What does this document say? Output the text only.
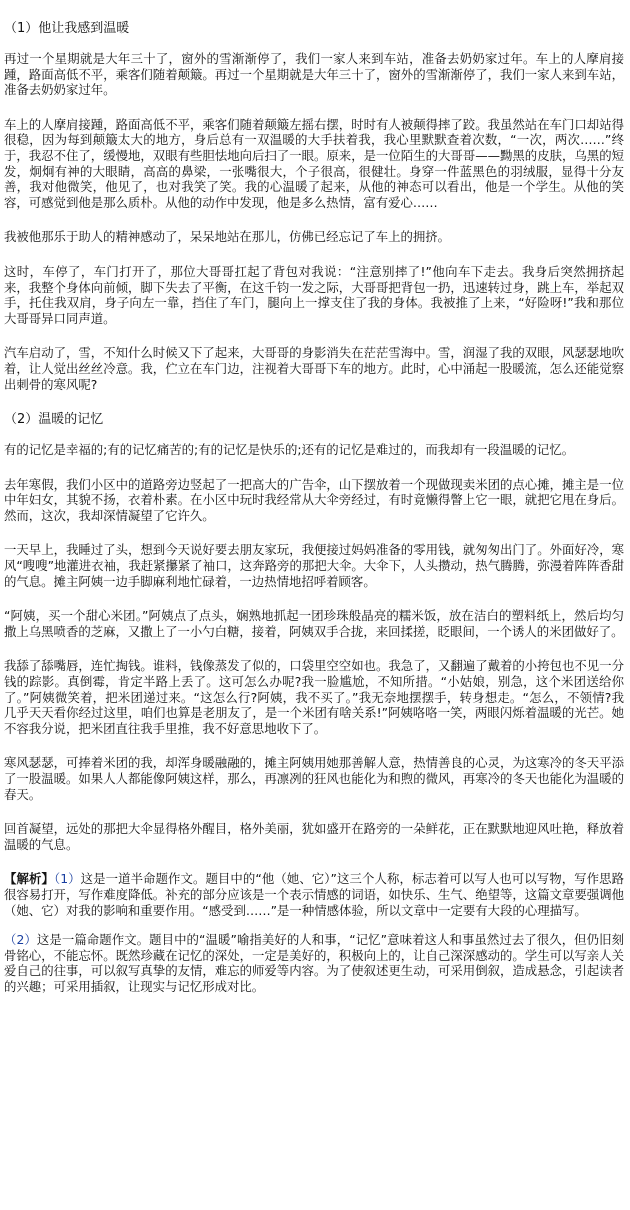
（1）他让我感到温暖

再过一个星期就是大年三十了，窗外的雪渐渐停了，我们一家人来到车站，准备去奶奶家过年。车上的人摩肩接踵，路面高低不平，乘客们随着颠簸。再过一个星期就是大年三十了，窗外的雪渐渐停了，我们一家人来到车站，准备去奶奶家过年。

车上的人摩肩接踵，路面高低不平，乘客们随着颠簸左摇右摆，时时有人被颠得摔了跤。我虽然站在车门口却站得很稳，因为每到颠簸太大的地方，身后总有一双温暖的大手扶着我，我心里默默查着次数，“一次，两次……”终于，我忍不住了，缓慢地，双眼有些胆怯地向后扫了一眼。原来，是一位陌生的大哥哥——黝黑的皮肤，乌黑的短发，炯炯有神的大眼睛，高高的鼻梁，一张嘴很大，个子很高，很健壮。身穿一件蓝黑色的羽绒服，显得十分友善，我对他微笑，他见了，也对我笑了笑。我的心温暖了起来，从他的神态可以看出，他是一个学生。从他的笑容，可感觉到他是那么质朴。从他的动作中发现，他是多么热情，富有爱心……

我被他那乐于助人的精神感动了，呆呆地站在那儿，仿佛已经忘记了车上的拥挤。

这时，车停了，车门打开了，那位大哥哥扛起了背包对我说：“注意别摔了!”他向车下走去。我身后突然拥挤起来，我整个身体向前倾，脚下失去了平衡，在这千钧一发之际，大哥哥把背包一扔，迅速转过身，跳上车，举起双手，托住我双肩，身子向左一靠，挡住了车门，腿向上一撑支住了我的身体。我被推了上来，“好险呀!”我和那位大哥哥异口同声道。

汽车启动了，雪，不知什么时候又下了起来，大哥哥的身影消失在茫茫雪海中。雪，润湿了我的双眼，风瑟瑟地吹着，让人觉出丝丝冷意。我，伫立在车门边，注视着大哥哥下车的地方。此时，心中涌起一股暖流，怎么还能觉察出刺骨的寒风呢?

（2）温暖的记忆

有的记忆是幸福的;有的记忆痛苦的;有的记忆是快乐的;还有的记忆是难过的，而我却有一段温暖的记忆。

去年寒假，我们小区中的道路旁边竖起了一把高大的广告伞，山下摆放着一个现做现卖米团的点心摊，摊主是一位中年妇女，其貌不扬，衣着朴素。在小区中玩时我经常从大伞旁经过，有时竟懒得瞥上它一眼，就把它甩在身后。然而，这次，我却深情凝望了它许久。

一天早上，我睡过了头，想到今天说好要去朋友家玩，我便接过妈妈准备的零用钱，就匆匆出门了。外面好冷，寒风“嗖嗖”地灌进衣袖，我赶紧攥紧了袖口，这奔路旁的那把大伞。大伞下，人头攒动，热气腾腾，弥漫着阵阵香甜的气息。摊主阿姨一边手脚麻利地忙碌着，一边热情地招呼着顾客。

“阿姨，买一个甜心米团。”阿姨点了点头，娴熟地抓起一团珍珠般晶亮的糯米饭，放在洁白的塑料纸上，然后均匀撒上乌黑喷香的芝麻，又撒上了一小勺白糖，接着，阿姨双手合拢，来回揉搓，眨眼间，一个诱人的米团做好了。

我舔了舔嘴唇，连忙掏钱。谁料，钱像蒸发了似的，口袋里空空如也。我急了，又翻遍了戴着的小挎包也不见一分钱的踪影。真倒霉，肯定半路上丢了。这可怎么办呢?我一脸尴尬，不知所措。“小姑娘，别急，这个米团送给你了。”阿姨微笑着，把米团递过来。“这怎么行?阿姨，我不买了。”我无奈地摆摆手，转身想走。“怎么，不领情?我几乎天天看你经过这里，咱们也算是老朋友了，是一个米团有啥关系!”阿姨咯咯一笑，两眼闪烁着温暖的光芒。她不容我分说，把米团直往我手里推，我不好意思地收下了。

寒风瑟瑟，可捧着米团的我，却浑身暖融融的，摊主阿姨用她那善解人意，热情善良的心灵，为这寒冷的冬天平添了一股温暖。如果人人都能像阿姨这样，那么，再凛冽的狂风也能化为和煦的微风，再寒冷的冬天也能化为温暖的春天。

回首凝望，远处的那把大伞显得格外醒目，格外美丽，犹如盛开在路旁的一朵鲜花，正在默默地迎风吐艳，释放着温暖的气息。

【解析】（1）这是一道半命题作文。题目中的“他（她、它）”这三个人称，标志着可以写人也可以写物，写作思路很容易打开，写作难度降低。补充的部分应该是一个表示情感的词语，如快乐、生气、绝望等，这篇文章要强调他（她、它）对我的影响和重要作用。“感受到……”是一种情感体验，所以文章中一定要有大段的心理描写。

（2）这是一篇命题作文。题目中的“温暖”喻指美好的人和事，“记忆”意味着这人和事虽然过去了很久，但仍旧刻骨铭心，不能忘怀。既然珍藏在记忆的深处，一定是美好的，积极向上的，让自己深深感动的。学生可以写亲人关爱自己的往事，可以叙写真挚的友情，难忘的师爱等内容。为了使叙述更生动，可采用倒叙，造成悬念，引起读者的兴趣；可采用插叙，让现实与记忆形成对比。
